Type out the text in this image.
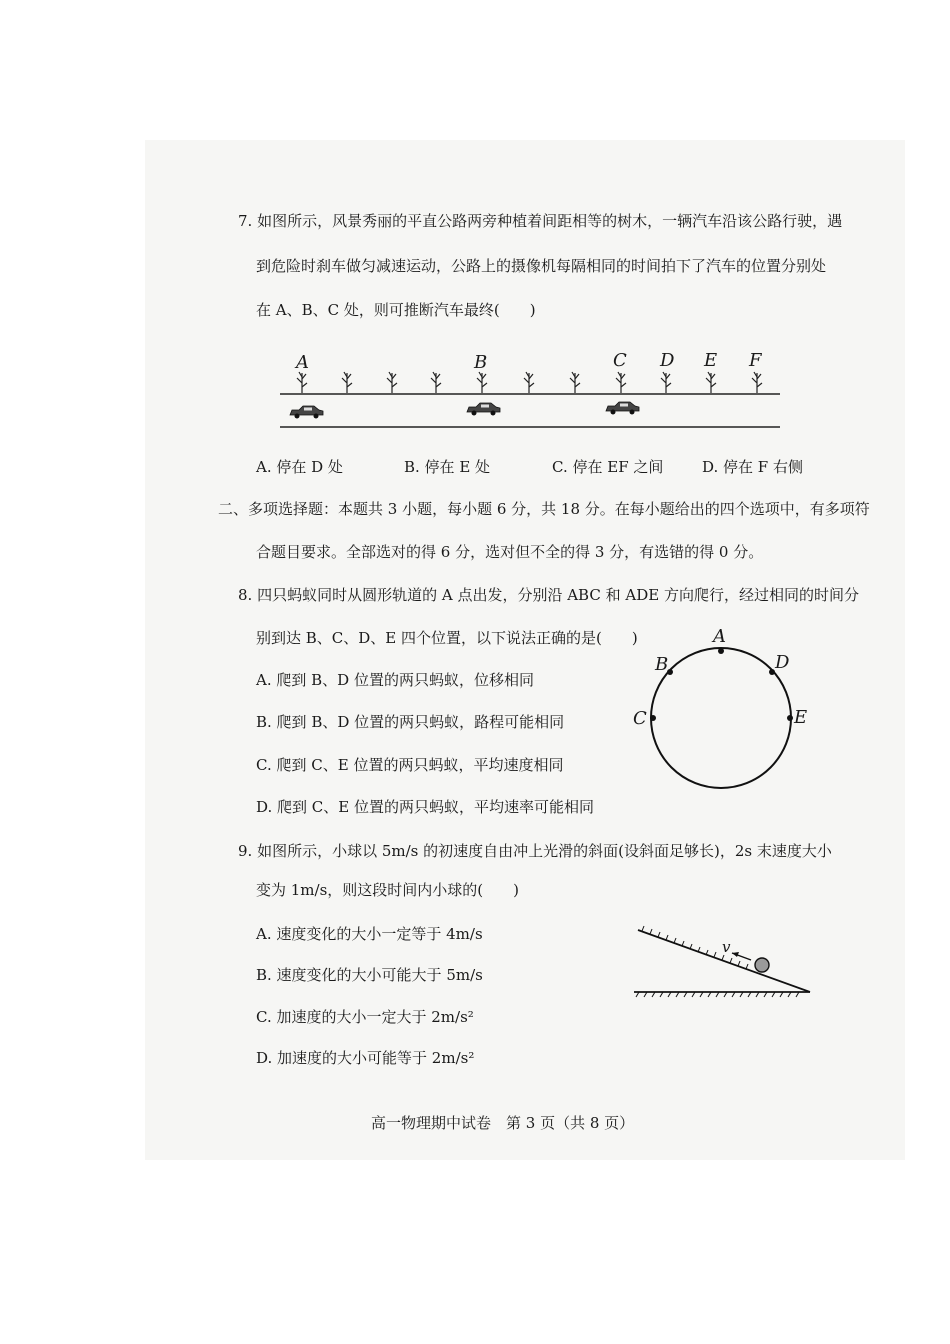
7. 如图所示，风景秀丽的平直公路两旁种植着间距相等的树木，一辆汽车沿该公路行驶，遇
到危险时刹车做匀减速运动，公路上的摄像机每隔相同的时间拍下了汽车的位置分别处
在 A、B、C 处，则可推断汽车最终(　　)
A	B	C D E F
A. 停在 D 处	B. 停在 E 处	C. 停在 EF 之间	D. 停在 F 右侧
二、多项选择题：本题共 3 小题，每小题 6 分，共 18 分。在每小题给出的四个选项中，有多项符
合题目要求。全部选对的得 6 分，选对但不全的得 3 分，有选错的得 0 分。
8. 四只蚂蚁同时从圆形轨道的 A 点出发，分别沿 ABC 和 ADE 方向爬行，经过相同的时间分
别到达 B、C、D、E 四个位置，以下说法正确的是(　　)
A. 爬到 B、D 位置的两只蚂蚁，位移相同
B. 爬到 B、D 位置的两只蚂蚁，路程可能相同
C. 爬到 C、E 位置的两只蚂蚁，平均速度相同
D. 爬到 C、E 位置的两只蚂蚁，平均速率可能相同
A
B
C
D
E
9. 如图所示，小球以 5m/s 的初速度自由冲上光滑的斜面(设斜面足够长)，2s 末速度大小
变为 1m/s，则这段时间内小球的(　　)
A. 速度变化的大小一定等于 4m/s
B. 速度变化的大小可能大于 5m/s
C. 加速度的大小一定大于 2m/s²
D. 加速度的大小可能等于 2m/s²
v
高一物理期中试卷　第 3 页（共 8 页）
